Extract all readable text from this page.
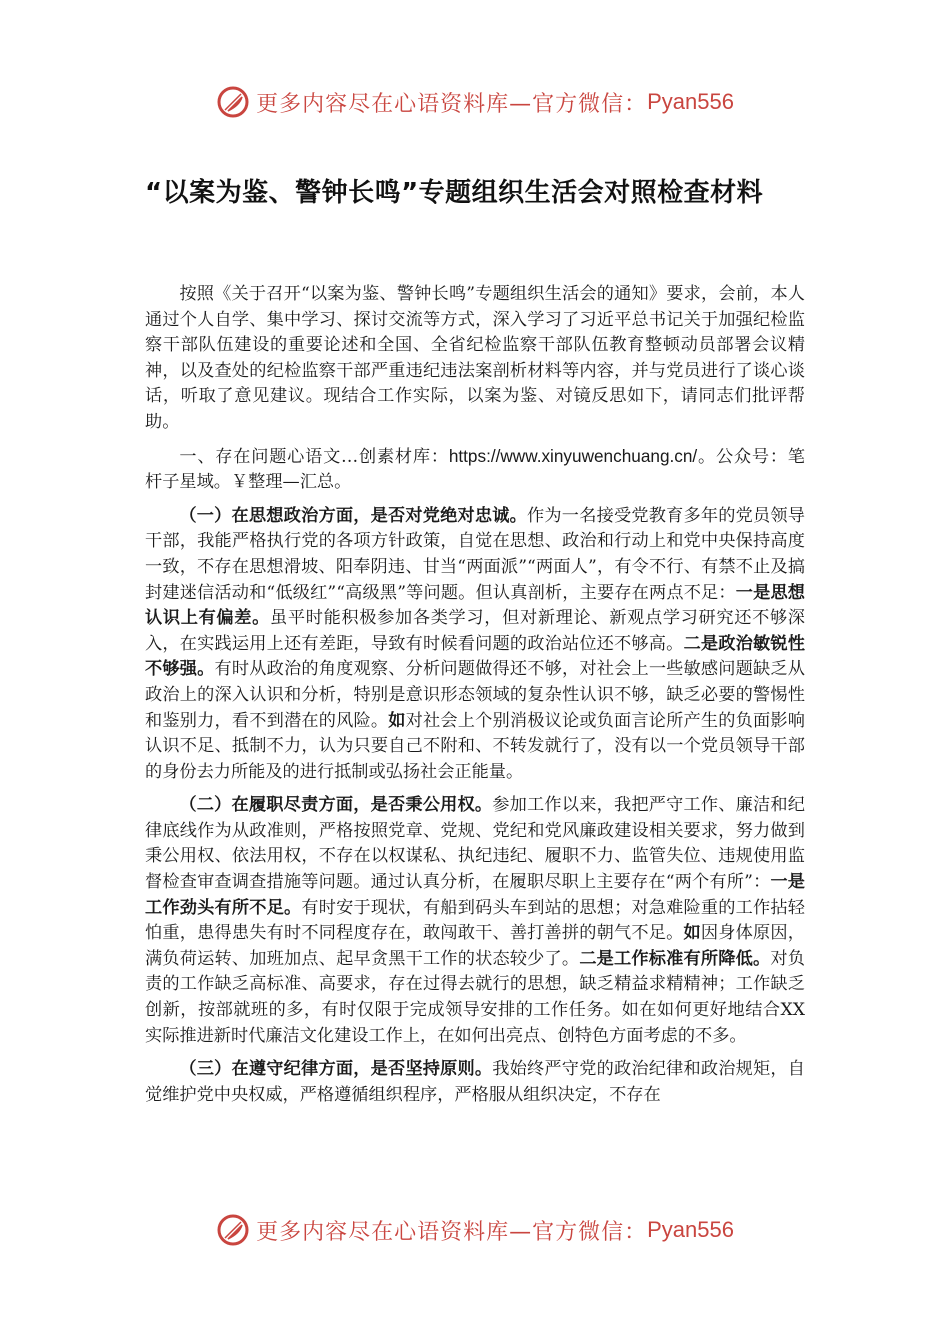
更多内容尽在心语资料库—官方微信： Pyan556
“以案为鉴、警钟长鸣”专题组织生活会对照检查材料

按照《关于召开“以案为鉴、警钟长鸣”专题组织生活会的通知》要求，会前，本人通过个人自学、集中学习、探讨交流等方式，深入学习了习近平总书记关于加强纪检监察干部队伍建设的重要论述和全国、全省纪检监察干部队伍教育整顿动员部署会议精神，以及查处的纪检监察干部严重违纪违法案剖析材料等内容，并与党员进行了谈心谈话，听取了意见建议。现结合工作实际，以案为鉴、对镜反思如下，请同志们批评帮助。

一、存在问题心语文…创素材库：https://www.xinyuwenchuang.cn/。公众号：笔杆子星域。￥整理—汇总。

（一）在思想政治方面，是否对党绝对忠诚。作为一名接受党教育多年的党员领导干部，我能严格执行党的各项方针政策，自觉在思想、政治和行动上和党中央保持高度一致，不存在思想滑坡、阳奉阴违、甘当“两面派”“两面人”，有令不行、有禁不止及搞封建迷信活动和“低级红”“高级黑”等问题。但认真剖析，主要存在两点不足：一是思想认识上有偏差。虽平时能积极参加各类学习，但对新理论、新观点学习研究还不够深入，在实践运用上还有差距，导致有时候看问题的政治站位还不够高。二是政治敏锐性不够强。有时从政治的角度观察、分析问题做得还不够，对社会上一些敏感问题缺乏从政治上的深入认识和分析，特别是意识形态领域的复杂性认识不够，缺乏必要的警惕性和鉴别力，看不到潜在的风险。如对社会上个别消极议论或负面言论所产生的负面影响认识不足、抵制不力，认为只要自己不附和、不转发就行了，没有以一个党员领导干部的身份去力所能及的进行抵制或弘扬社会正能量。

（二）在履职尽责方面，是否秉公用权。参加工作以来，我把严守工作、廉洁和纪律底线作为从政准则，严格按照党章、党规、党纪和党风廉政建设相关要求，努力做到秉公用权、依法用权，不存在以权谋私、执纪违纪、履职不力、监管失位、违规使用监督检查审查调查措施等问题。通过认真分析，在履职尽职上主要存在“两个有所”：一是工作劲头有所不足。有时安于现状，有船到码头车到站的思想；对急难险重的工作拈轻怕重，患得患失有时不同程度存在，敢闯敢干、善打善拼的朝气不足。如因身体原因，满负荷运转、加班加点、起早贪黑干工作的状态较少了。二是工作标准有所降低。对负责的工作缺乏高标准、高要求，存在过得去就行的思想，缺乏精益求精精神；工作缺乏创新，按部就班的多，有时仅限于完成领导安排的工作任务。如在如何更好地结合XX实际推进新时代廉洁文化建设工作上，在如何出亮点、创特色方面考虑的不多。

（三）在遵守纪律方面，是否坚持原则。我始终严守党的政治纪律和政治规矩，自觉维护党中央权威，严格遵循组织程序，严格服从组织决定，不存在

更多内容尽在心语资料库—官方微信： Pyan556
